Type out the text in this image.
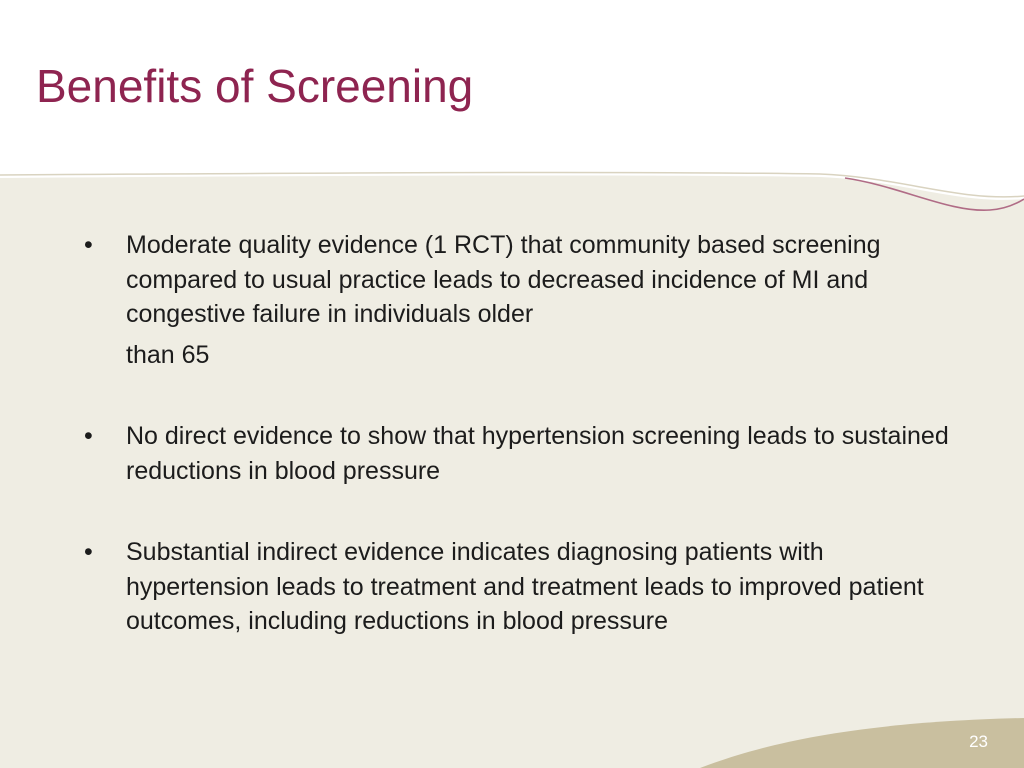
Benefits of Screening
•	Moderate quality evidence (1 RCT) that community based screening compared to usual practice leads to decreased incidence of MI and congestive failure in individuals older
than 65
•	No direct evidence to show that hypertension screening leads to sustained reductions in blood pressure
•	Substantial indirect evidence indicates diagnosing patients with hypertension leads to treatment and treatment leads to improved patient outcomes, including reductions in blood pressure
23
